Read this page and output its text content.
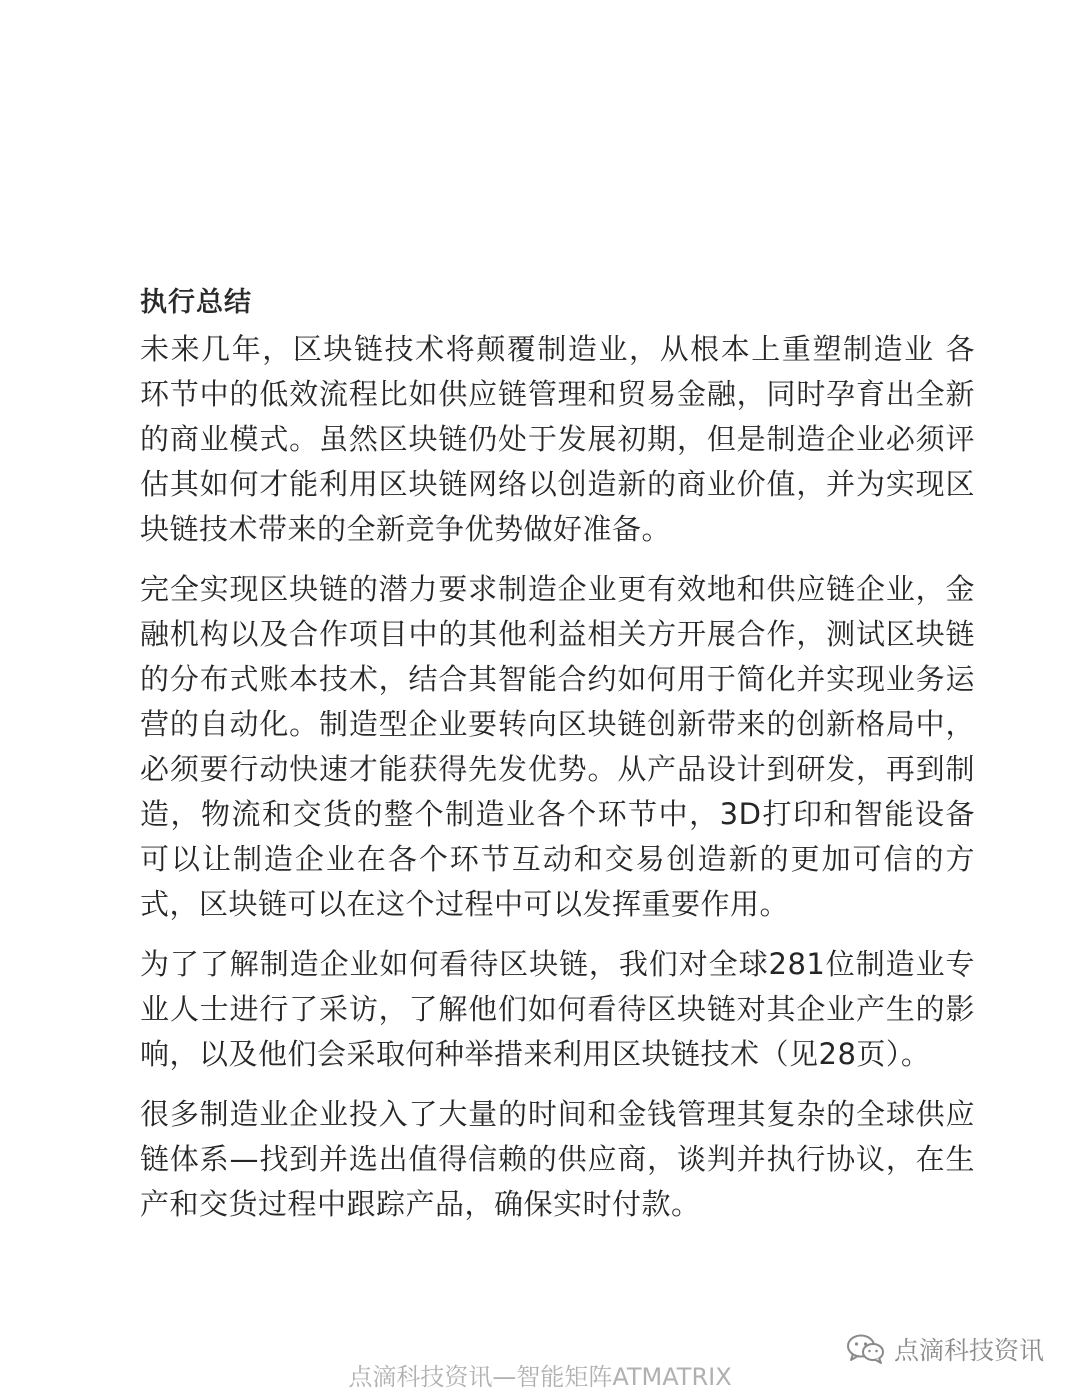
执行总结

未来几年，区块链技术将颠覆制造业，从根本上重塑制造业 各环节中的低效流程比如供应链管理和贸易金融，同时孕育出全新的商业模式。虽然区块链仍处于发展初期，但是制造企业必须评估其如何才能利用区块链网络以创造新的商业价值，并为实现区块链技术带来的全新竞争优势做好准备。

完全实现区块链的潜力要求制造企业更有效地和供应链企业，金融机构以及合作项目中的其他利益相关方开展合作，测试区块链的分布式账本技术，结合其智能合约如何用于简化并实现业务运营的自动化。制造型企业要转向区块链创新带来的创新格局中，必须要行动快速才能获得先发优势。从产品设计到研发，再到制造，物流和交货的整个制造业各个环节中，3D打印和智能设备可以让制造企业在各个环节互动和交易创造新的更加可信的方式，区块链可以在这个过程中可以发挥重要作用。

为了了解制造企业如何看待区块链，我们对全球281位制造业专业人士进行了采访，了解他们如何看待区块链对其企业产生的影响，以及他们会采取何种举措来利用区块链技术（见28页）。

很多制造业企业投入了大量的时间和金钱管理其复杂的全球供应链体系—找到并选出值得信赖的供应商，谈判并执行协议，在生产和交货过程中跟踪产品，确保实时付款。

点滴科技资讯
点滴科技资讯—智能矩阵ATMATRIX
